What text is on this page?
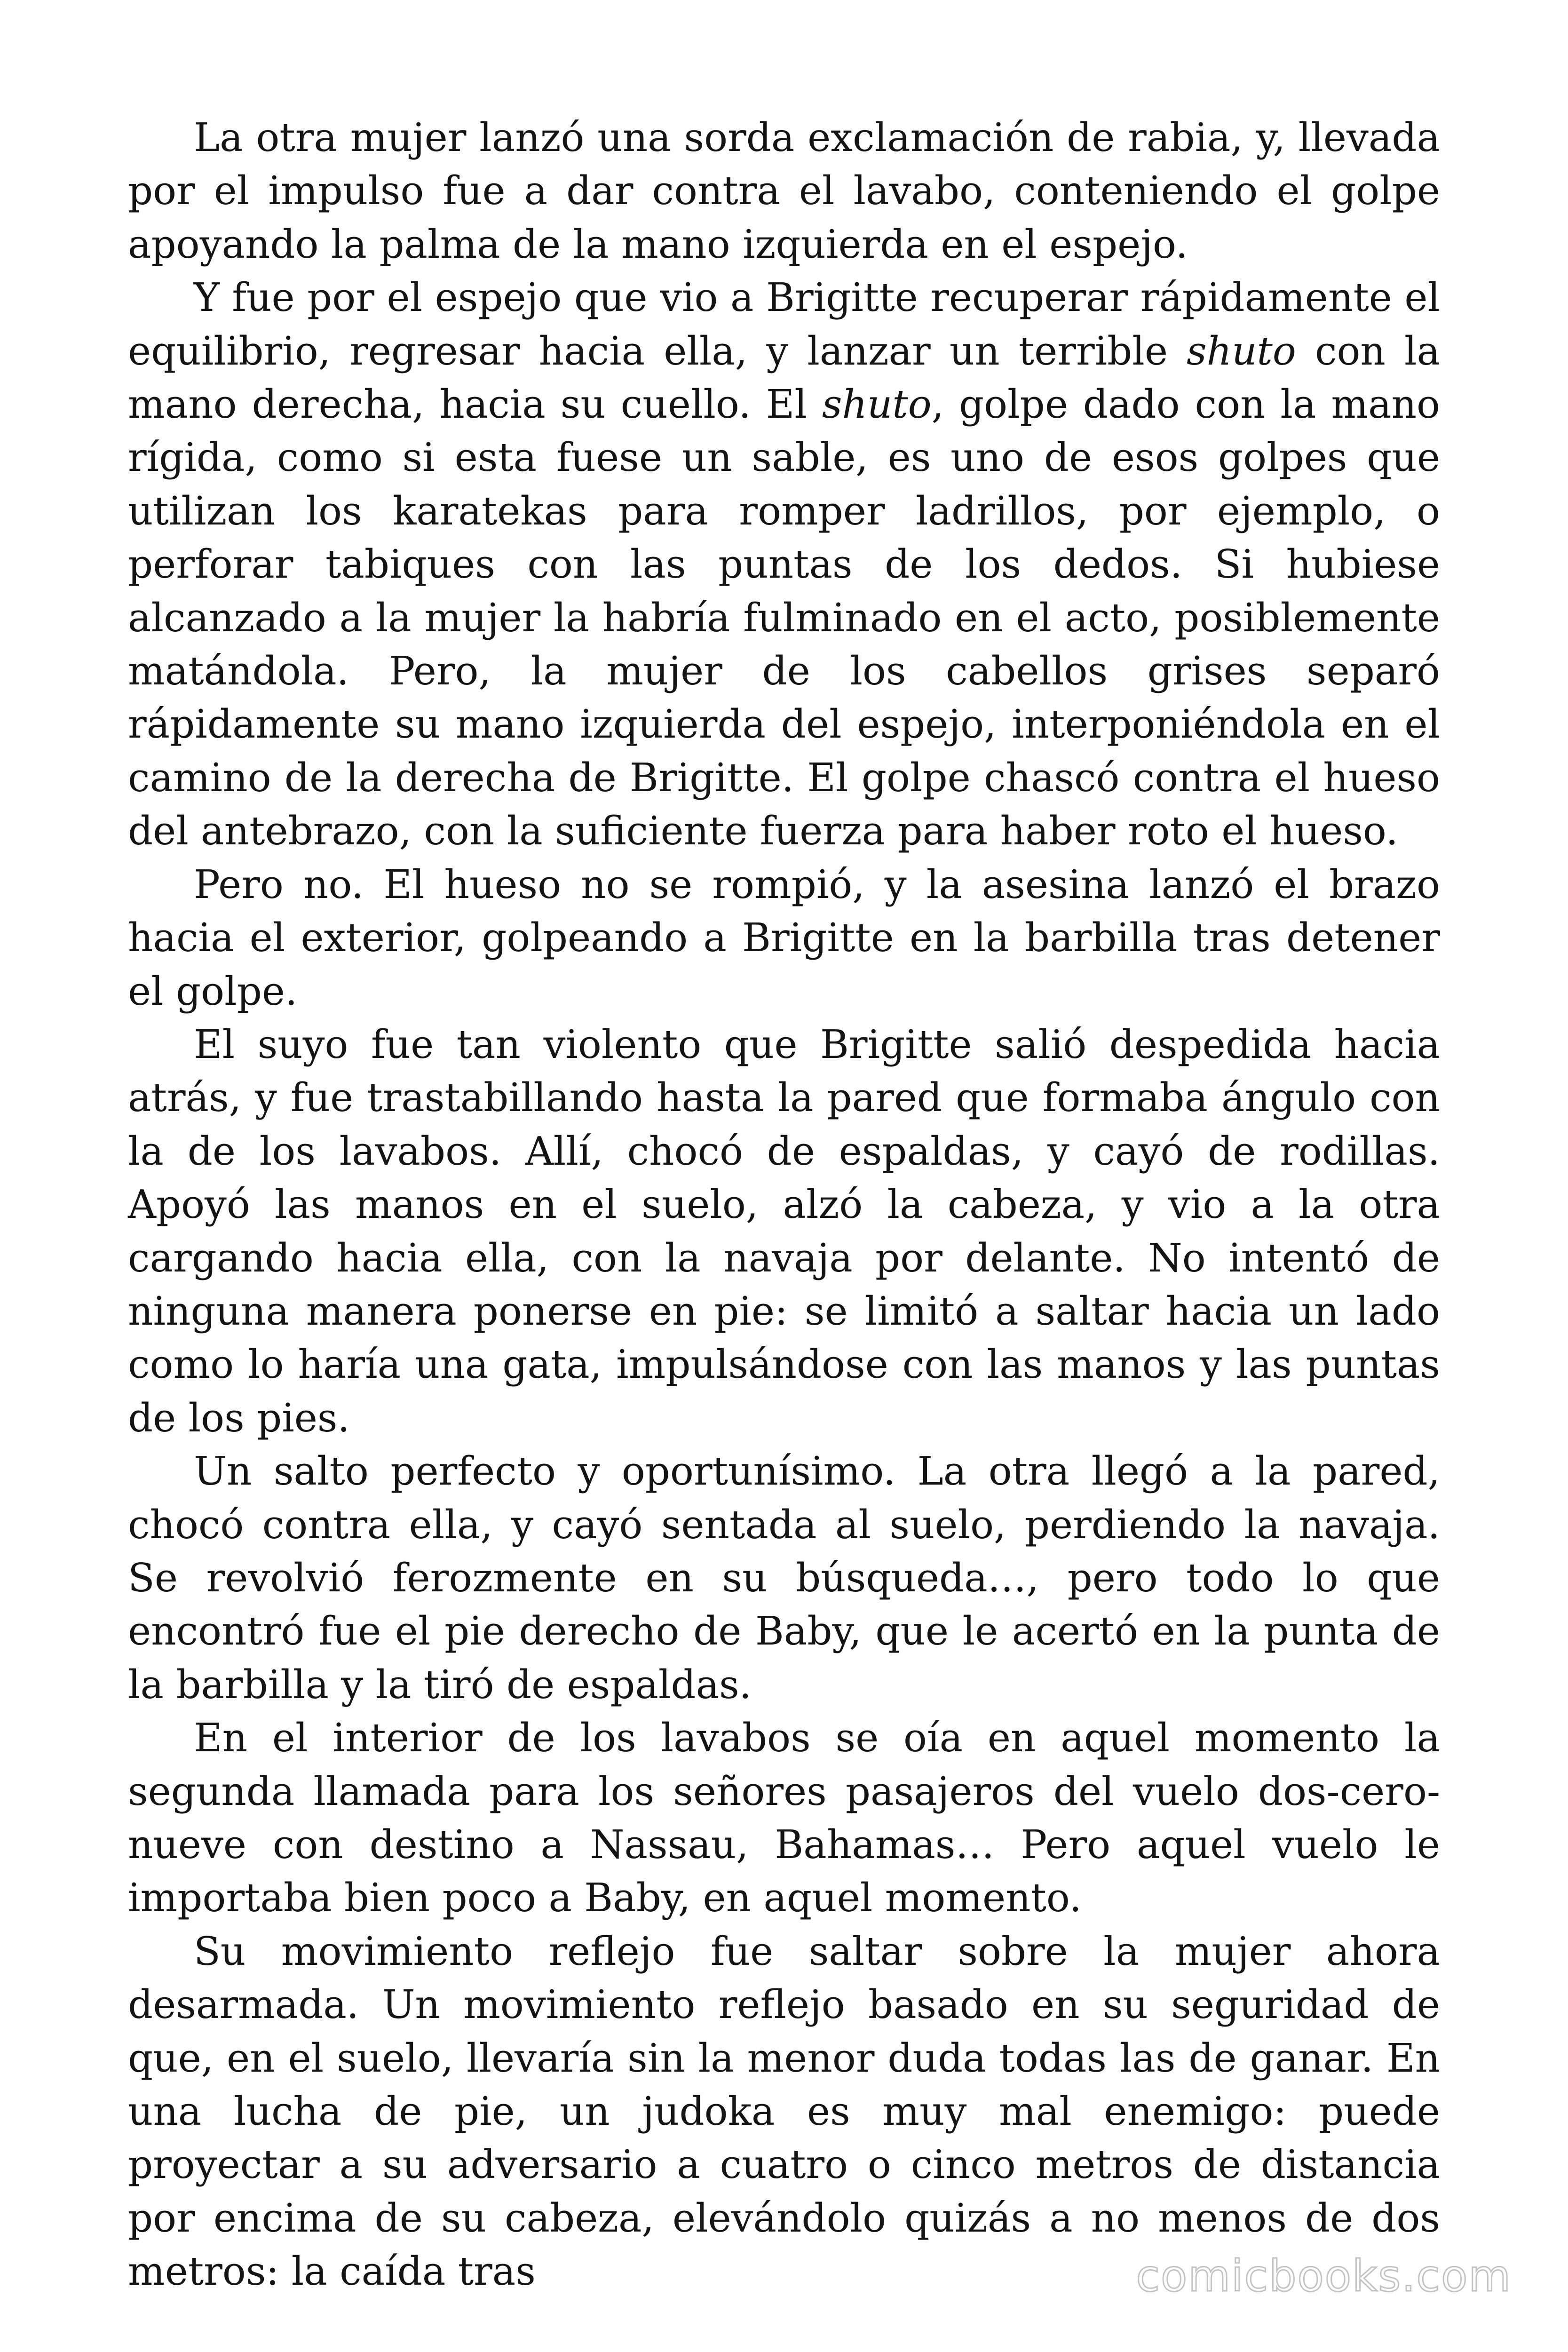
La otra mujer lanzó una sorda exclamación de rabia, y, llevada por el impulso fue a dar contra el lavabo, conteniendo el golpe apoyando la palma de la mano izquierda en el espejo.

Y fue por el espejo que vio a Brigitte recuperar rápidamente el equilibrio, regresar hacia ella, y lanzar un terrible shuto con la mano derecha, hacia su cuello. El shuto, golpe dado con la mano rígida, como si esta fuese un sable, es uno de esos golpes que utilizan los karatekas para romper ladrillos, por ejemplo, o perforar tabiques con las puntas de los dedos. Si hubiese alcanzado a la mujer la habría fulminado en el acto, posiblemente matándola. Pero, la mujer de los cabellos grises separó rápidamente su mano izquierda del espejo, interponiéndola en el camino de la derecha de Brigitte. El golpe chascó contra el hueso del antebrazo, con la suficiente fuerza para haber roto el hueso.

Pero no. El hueso no se rompió, y la asesina lanzó el brazo hacia el exterior, golpeando a Brigitte en la barbilla tras detener el golpe.

El suyo fue tan violento que Brigitte salió despedida hacia atrás, y fue trastabillando hasta la pared que formaba ángulo con la de los lavabos. Allí, chocó de espaldas, y cayó de rodillas. Apoyó las manos en el suelo, alzó la cabeza, y vio a la otra cargando hacia ella, con la navaja por delante. No intentó de ninguna manera ponerse en pie: se limitó a saltar hacia un lado como lo haría una gata, impulsándose con las manos y las puntas de los pies.

Un salto perfecto y oportunísimo. La otra llegó a la pared, chocó contra ella, y cayó sentada al suelo, perdiendo la navaja. Se revolvió ferozmente en su búsqueda…, pero todo lo que encontró fue el pie derecho de Baby, que le acertó en la punta de la barbilla y la tiró de espaldas.

En el interior de los lavabos se oía en aquel momento la segunda llamada para los señores pasajeros del vuelo dos-cero-nueve con destino a Nassau, Bahamas… Pero aquel vuelo le importaba bien poco a Baby, en aquel momento.

Su movimiento reflejo fue saltar sobre la mujer ahora desarmada. Un movimiento reflejo basado en su seguridad de que, en el suelo, llevaría sin la menor duda todas las de ganar. En una lucha de pie, un judoka es muy mal enemigo: puede proyectar a su adversario a cuatro o cinco metros de distancia por encima de su cabeza, elevándolo quizás a no menos de dos metros: la caída tras	comicbooks.com
